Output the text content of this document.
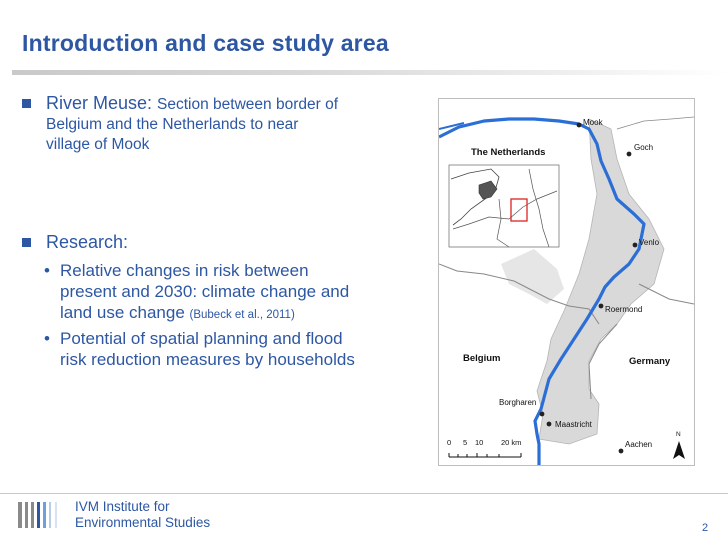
Introduction and case study area
River Meuse: Section between border of
Belgium and the Netherlands to near
village of Mook
Research:
• Relative changes in risk between
present and 2030: climate change and
land use change (Bubeck et al., 2011)
• Potential of spatial planning and flood
risk reduction measures by households
The Netherlands
Belgium	Germany
Mook
Goch
Venlo
Roermond
Borgharen
Maastricht
Aachen
0 5 10 20 km
N
IVM Institute for
Environmental Studies	2
